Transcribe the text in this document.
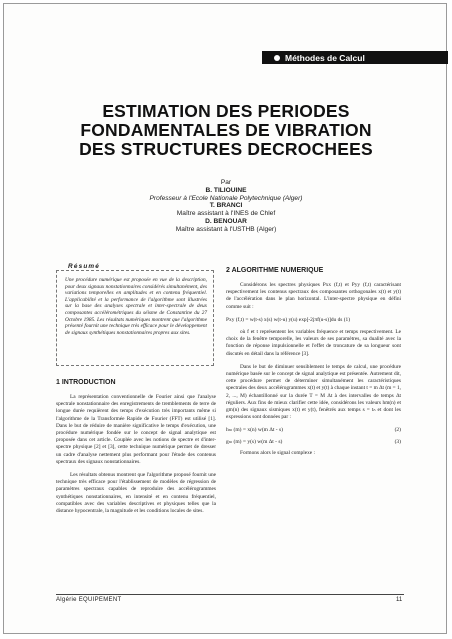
Méthodes de Calcul
ESTIMATION DES PERIODES
FONDAMENTALES DE VIBRATION
DES STRUCTURES DECROCHEES
Par
B. TILIOUINE
Professeur à l'Ecole Nationale Polytechnique (Alger)
T. BRANCI
Maître assistant à l'INES de Chlef
D. BENOUAR
Maître assistant à l'USTHB (Alger)
Une procédure numérique est proposée en vue de la description, pour deux signaux nonstationnaires considérés simultanément, des variations temporelles en amplitudes et en contenu fréquentiel. L'applicabilité et la performance de l'algorithme sont illustrées sur la base des analyses spectrale et inter-spectrale de deux composantes accélérométriques du séisme de Constantine du 27 Octobre 1985. Les résultats numériques montrent que l'algorithme présenté fournit une technique très efficace pour le développement de signaux synthétiques nonstationnaires propres aux sites.
Résumé
1 INTRODUCTION

La représentation conventionnelle de Fourier ainsi que l'analyse spectrale nonstationnaire des enregistrements de tremblements de terre de longue durée requièrent des temps d'exécution très importants même si l'algorithme de la Transformée Rapide de Fourier (FFT) est utilisé [1]. Dans le but de réduire de manière significative le temps d'exécution, une procédure numérique fondée sur le concept de signal analytique est proposée dans cet article. Couplée avec les notions de spectre et d'inter-spectre physique [2] et [3], cette technique numérique permet de dresser un cadre d'analyse nettement plus performant pour l'étude des contenus spectraux des signaux nonstationnaires.

Les résultats obtenus montrent que l'algorithme proposé fournit une technique très efficace pour l'établissement de modèles de régression de paramètres spectraux capables de reproduire des accélérogrammes synthétiques nonstationnaires, en intensité et en contenu fréquentiel, compatibles avec des variables descriptives et physiques telles que la distance hypocentrale, la magnitude et les conditions locales de sites.

2 ALGORITHME NUMERIQUE

Considérons les spectres physiques Pxx (f,t) et Pyy (f,t) caractérisant respectivement les contenus spectraux des composantes orthogonales x(t) et y(t) de l'accélération dans le plan horizontal. L'inter-spectre physique en défini comme suit :

Pxy (f,t) = w(t-s) x(s) w(t-u) y(u) exp[-2jπf(u-s)]du ds (1)

où f et t représentent les variables fréquence et temps respectivement. Le choix de la fenêtre temporelle, les valeurs de ses paramètres, sa dualité avec la fonction de réponse impulsionnelle et l'effet de troncature de sa longueur sont discutés en détail dans la référence [3].

Dans le but de diminuer sensiblement le temps de calcul, une procédure numérique basée sur le concept de signal analytique est présentée. Autrement dit, cette procédure permet de déterminer simultanément les caractéristiques spectrales des deux accélérogrammes x(t) et y(t) à chaque instant t = m Δt (m = 1, 2, ..., M) échantillonné sur la durée T = M Δt à des intervalles de temps Δt réguliers. Aux fins de mieux clarifier cette idée, considérons les valeurs hm(n) et gm(n) des signaux sismiques x(t) et y(t), fenêtrés aux temps s = tₙ et dont les expressions sont données par :

hₘ (m) = x(n) w(m Δt - s)	(2)
gₘ (m) = y(s) w(m Δt - s)	(3)

Formons alors le signal complexe :

Algérie EQUIPEMENT	11
